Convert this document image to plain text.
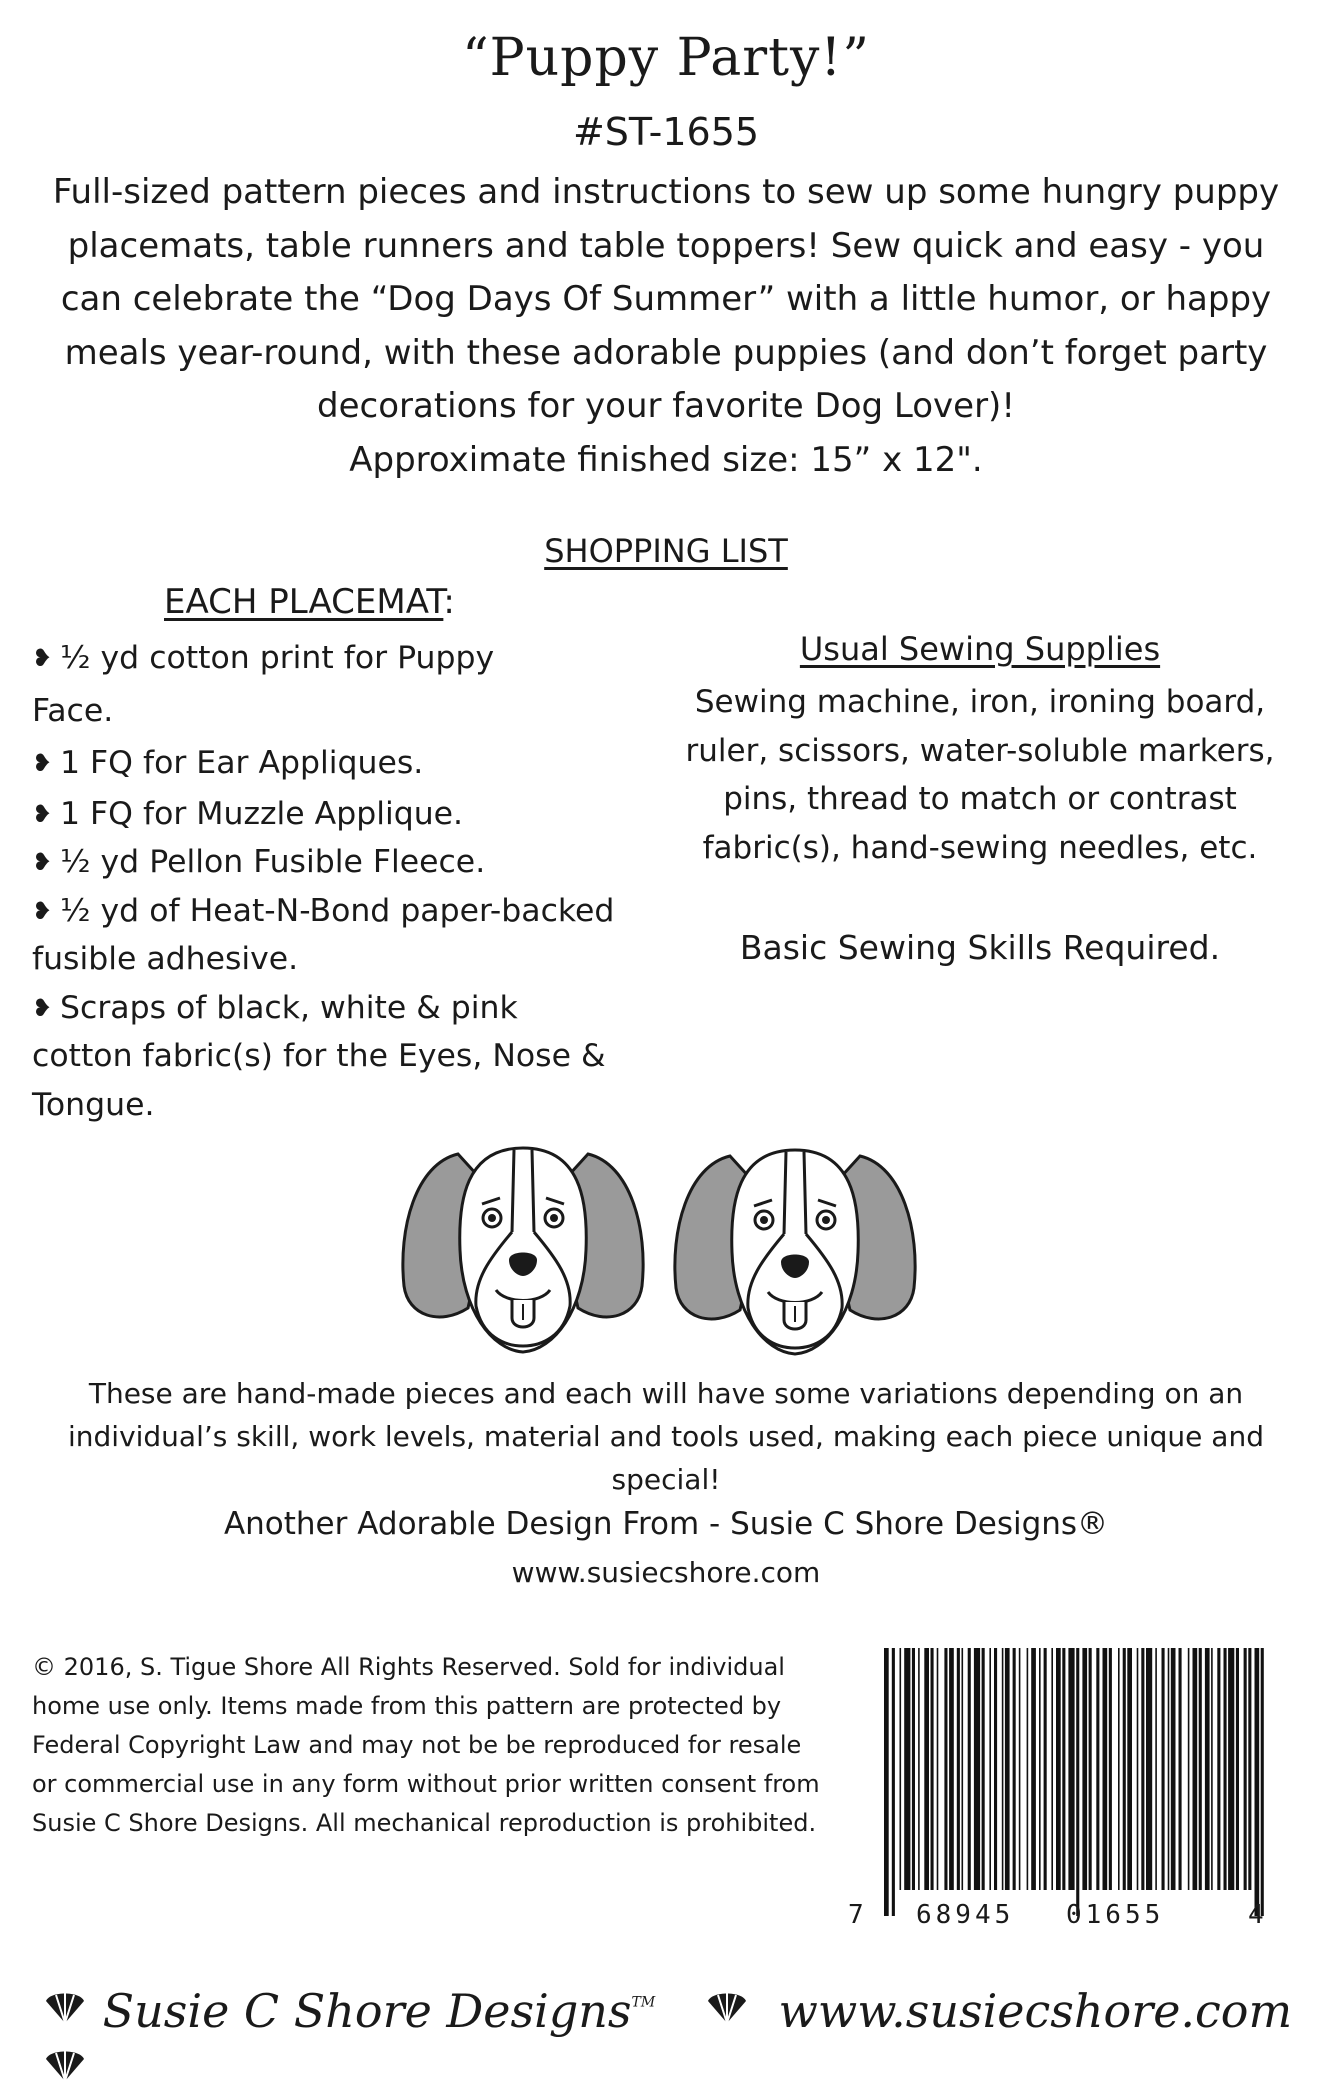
“Puppy Party!”
#ST-1655
Full-sized pattern pieces and instructions to sew up some hungry puppy
placemats, table runners and table toppers! Sew quick and easy - you
can celebrate the “Dog Days Of Summer” with a little humor, or happy
meals year-round, with these adorable puppies (and don’t forget party
decorations for your favorite Dog Lover)!
Approximate finished size: 15” x 12".
SHOPPING LIST
EACH PLACEMAT:
❥ ½ yd cotton print for Puppy
Face.
❥ 1 FQ for Ear Appliques.
❥ 1 FQ for Muzzle Applique.
❥ ½ yd Pellon Fusible Fleece.
❥ ½ yd of Heat-N-Bond paper-backed
fusible adhesive.
❥ Scraps of black, white & pink
cotton fabric(s) for the Eyes, Nose &
Tongue.
Usual Sewing Supplies
Sewing machine, iron, ironing board,
ruler, scissors, water-soluble markers,
pins, thread to match or contrast
fabric(s), hand-sewing needles, etc.
Basic Sewing Skills Required.
These are hand-made pieces and each will have some variations depending on an
individual’s skill, work levels, material and tools used, making each piece unique and special!
Another Adorable Design From - Susie C Shore Designs®
www.susiecshore.com
© 2016, S. Tigue Shore All Rights Reserved. Sold for individual
home use only. Items made from this pattern are protected by
Federal Copyright Law and may not be be reproduced for resale
or commercial use in any form without prior written consent from
Susie C Shore Designs. All mechanical reproduction is prohibited.
7 68945 01655	4
Susie C Shore Designs™	www.susiecshore.com
